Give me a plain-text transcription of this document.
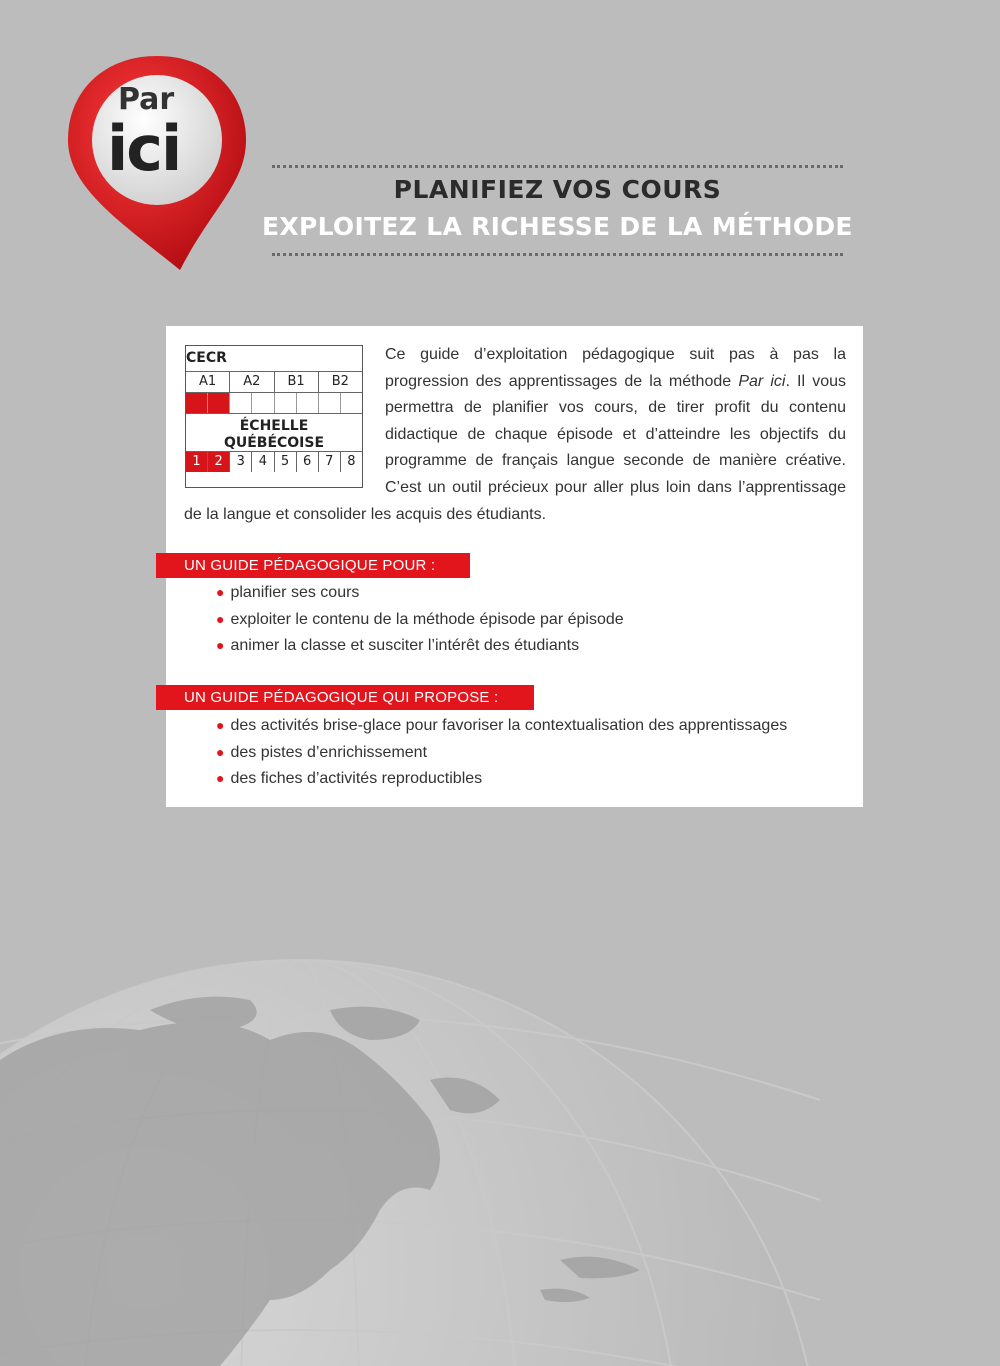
Par
ici
PLANIFIEZ VOS COURS
EXPLOITEZ LA RICHESSE DE LA MÉTHODE
CECR
A1	A2	B1	B2
ÉCHELLE
QUÉBÉCOISE
1	2	3	4	5	6	7	8
Ce guide d’exploitation pédagogique suit pas à pas la progression des apprentissages de la méthode Par ici. Il vous permettra de planifier vos cours, de tirer profit du contenu didactique de chaque épisode et d’atteindre les objectifs du programme de français langue seconde de manière créative. C’est un outil précieux pour aller plus loin dans l’apprentissage de la langue et consolider les acquis des étudiants.
UN GUIDE PÉDAGOGIQUE POUR :
● planifier ses cours
● exploiter le contenu de la méthode épisode par épisode
● animer la classe et susciter l’intérêt des étudiants
UN GUIDE PÉDAGOGIQUE QUI PROPOSE :
● des activités brise-glace pour favoriser la contextualisation des apprentissages
● des pistes d’enrichissement
● des fiches d’activités reproductibles
